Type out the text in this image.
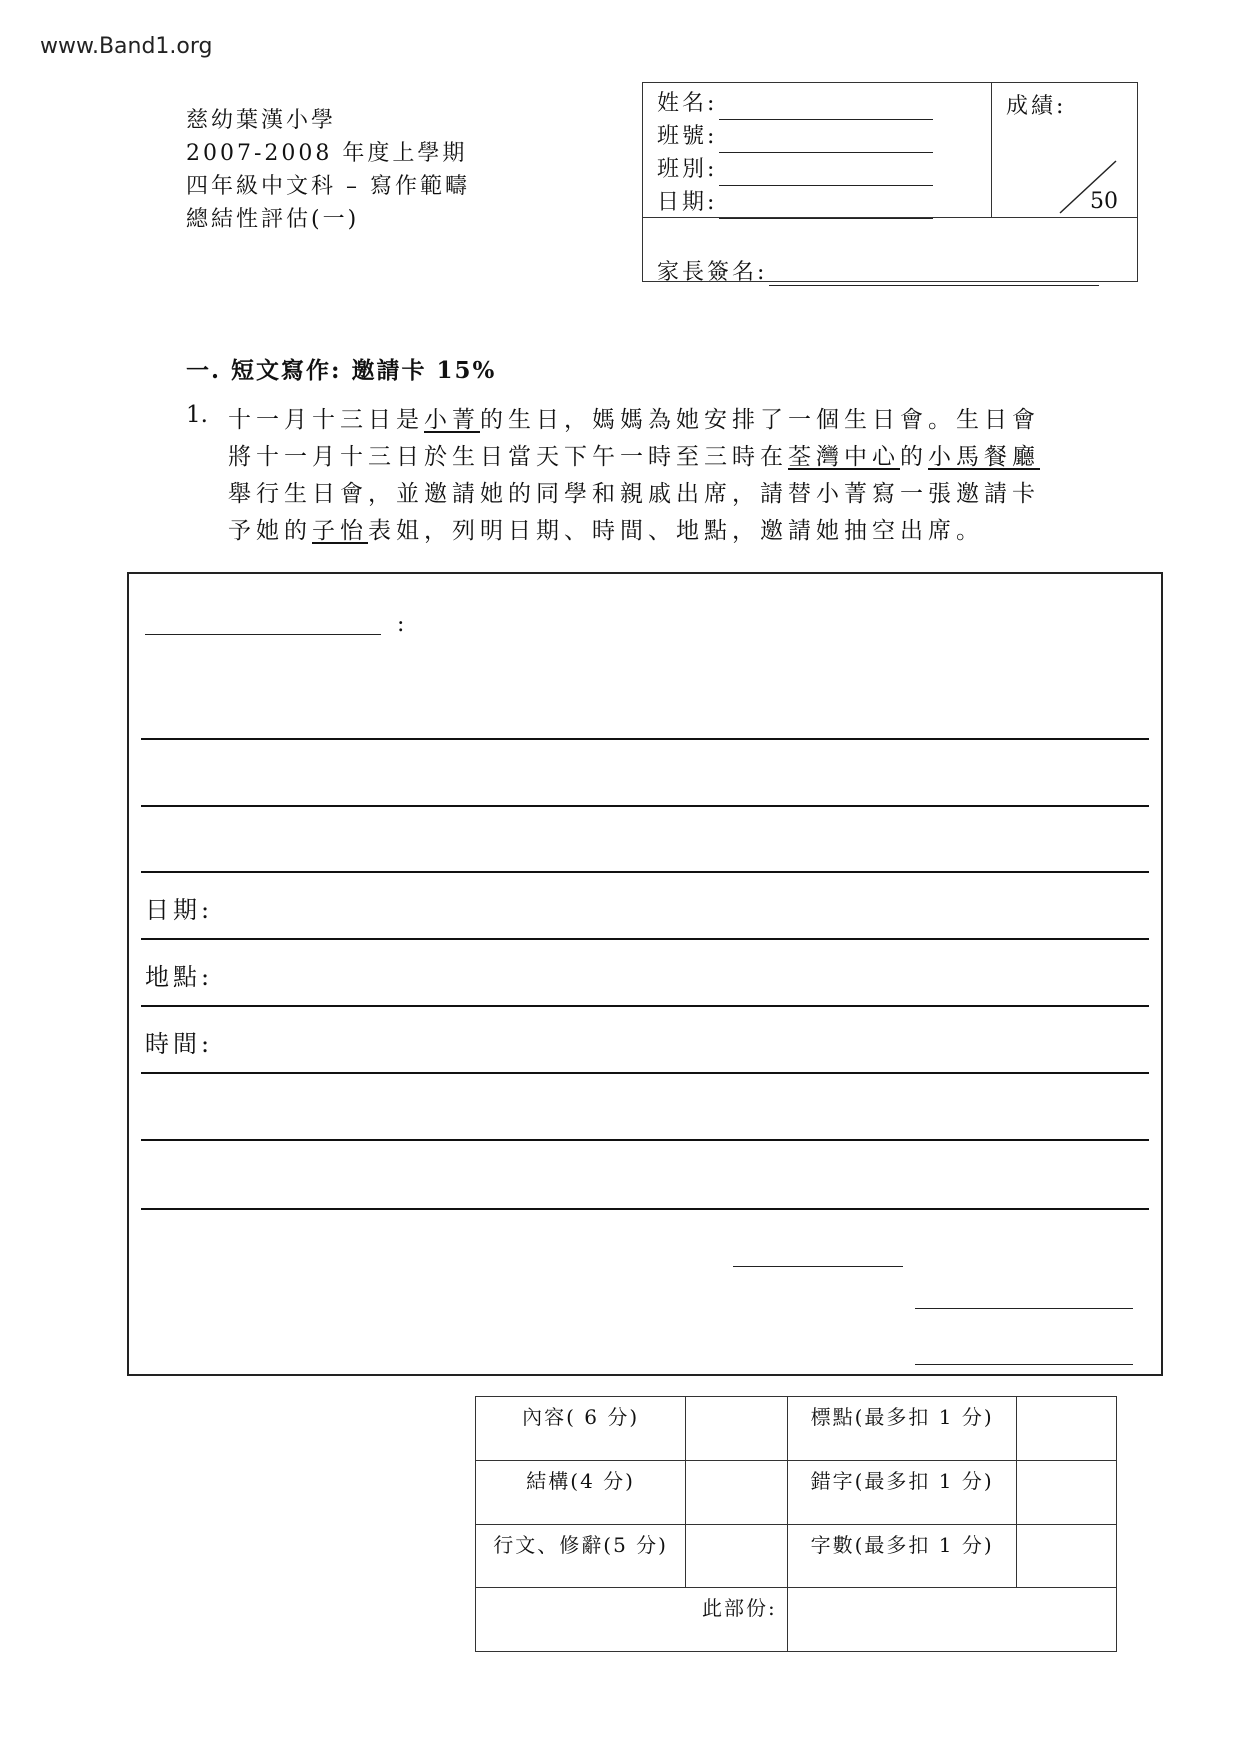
www.Band1.org
慈幼葉漢小學
2007-2008 年度上學期
四年級中文科 – 寫作範疇
總結性評估(一)
姓名:
班號:
班別:
日期:
成績:
50
家長簽名:
一. 短文寫作: 邀請卡 15%
1. 十一月十三日是小菁的生日，媽媽為她安排了一個生日會。生日會
將十一月十三日於生日當天下午一時至三時在荃灣中心的小馬餐廳
舉行生日會，並邀請她的同學和親戚出席，請替小菁寫一張邀請卡
予她的子怡表姐，列明日期、時間、地點，邀請她抽空出席。
:
日期:
地點:
時間:
內容( 6 分)		標點(最多扣 1 分)	
結構(4 分)		錯字(最多扣 1 分)	
行文、修辭(5 分)		字數(最多扣 1 分)	
此部份:			
